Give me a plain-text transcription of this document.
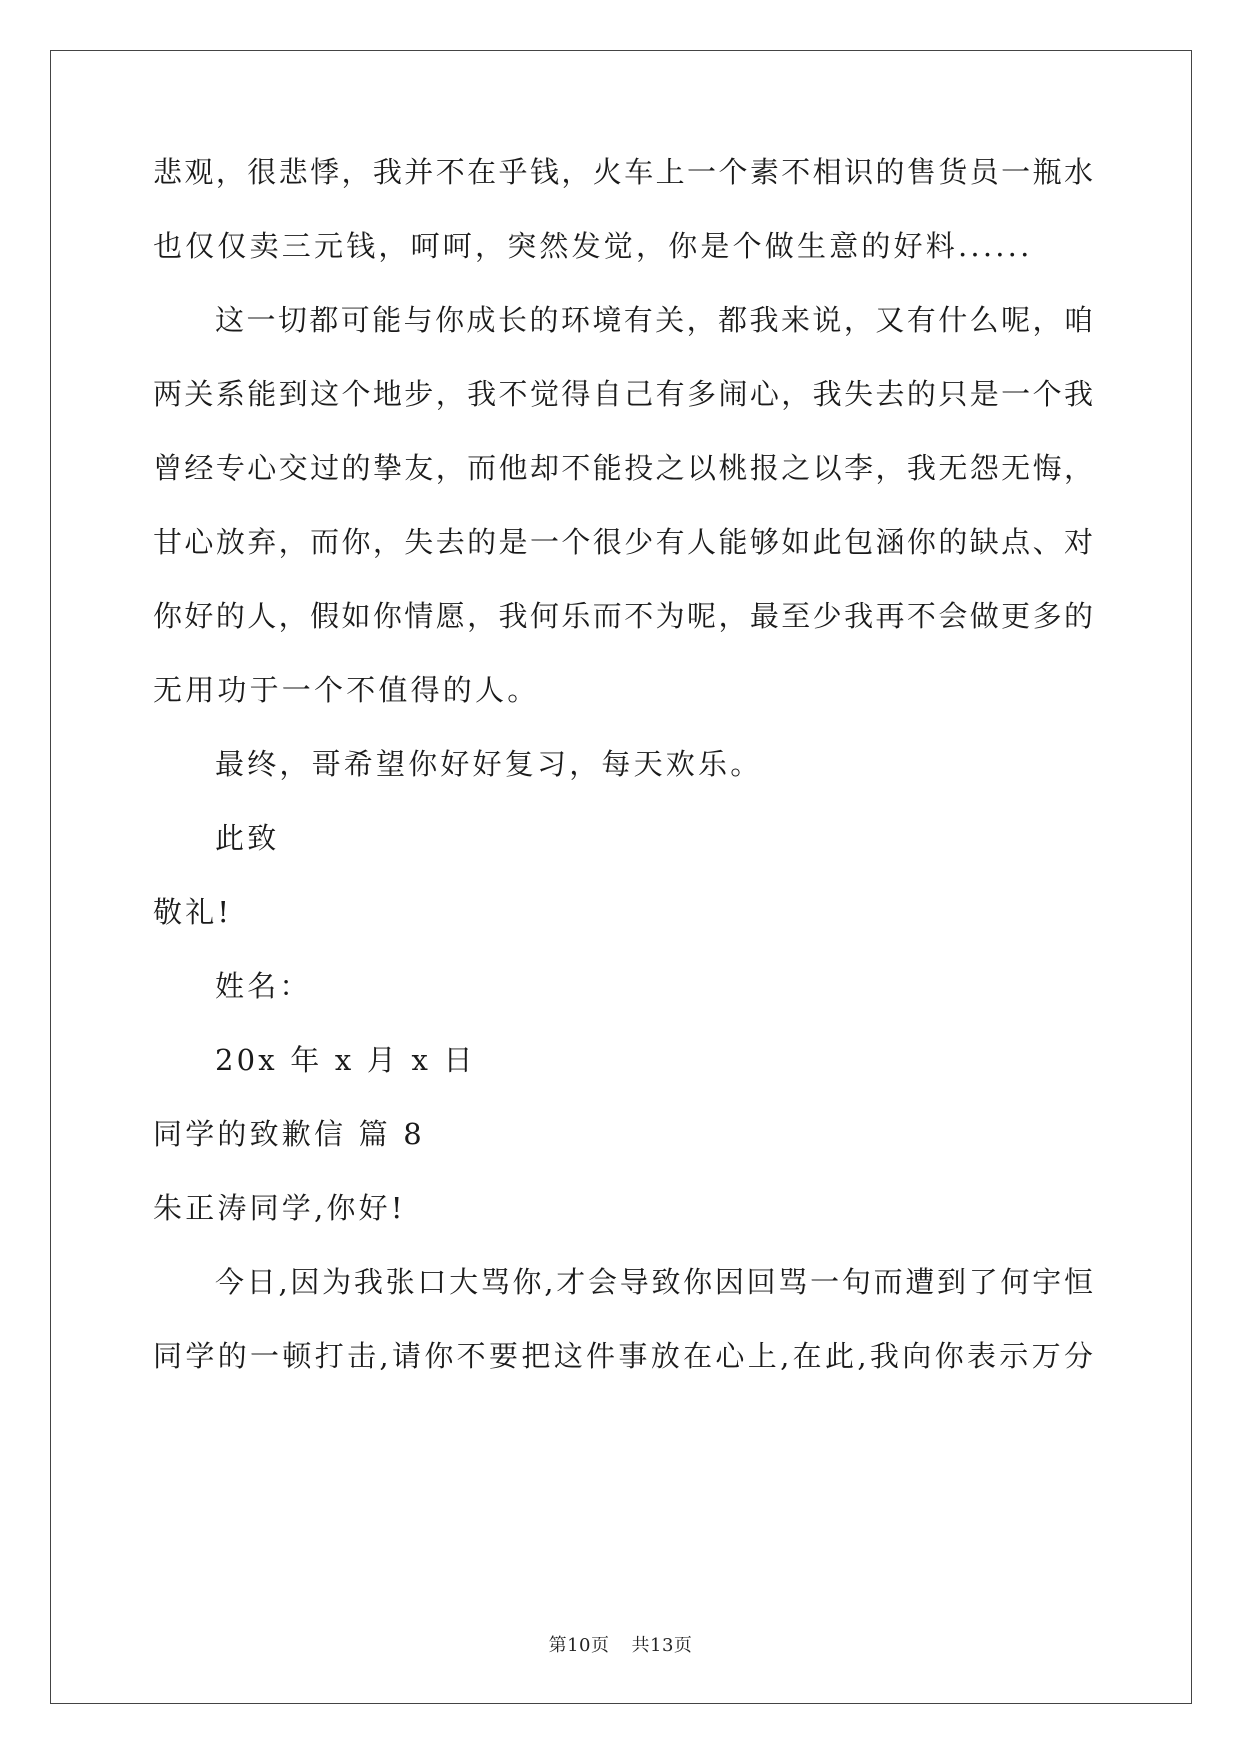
悲观，很悲悸，我并不在乎钱，火车上一个素不相识的售货员一瓶水
也仅仅卖三元钱，呵呵，突然发觉，你是个做生意的好料......
这一切都可能与你成长的环境有关，都我来说，又有什么呢，咱
两关系能到这个地步，我不觉得自己有多闹心，我失去的只是一个我
曾经专心交过的挚友，而他却不能投之以桃报之以李，我无怨无悔，
甘心放弃，而你，失去的是一个很少有人能够如此包涵你的缺点、对
你好的人，假如你情愿，我何乐而不为呢，最至少我再不会做更多的
无用功于一个不值得的人。
最终，哥希望你好好复习，每天欢乐。
此致
敬礼!
姓名：
20x 年 x 月 x 日
同学的致歉信 篇 8
朱正涛同学,你好!
今日,因为我张口大骂你,才会导致你因回骂一句而遭到了何宇恒
同学的一顿打击,请你不要把这件事放在心上,在此,我向你表示万分
第10页 共13页
